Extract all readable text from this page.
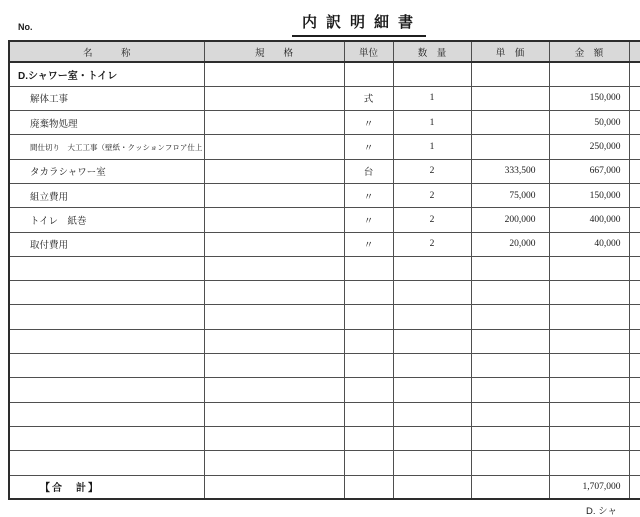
No.	内訳明細書
名　　　称	規　　格	単位	数　量	単　価	金　額	
D.シャワー室・トイレ						
解体工事		式	1		150,000	
廃棄物処理		〃	1		50,000	
間仕切り　大工工事（壁紙・クッションフロア仕上		〃	1		250,000	
タカラシャワー室		台	2	333,500	667,000	
組立費用		〃	2	75,000	150,000	
トイレ　紙巻		〃	2	200,000	400,000	
取付費用		〃	2	20,000	40,000	

【合　計】					1,707,000	
D. シャ
